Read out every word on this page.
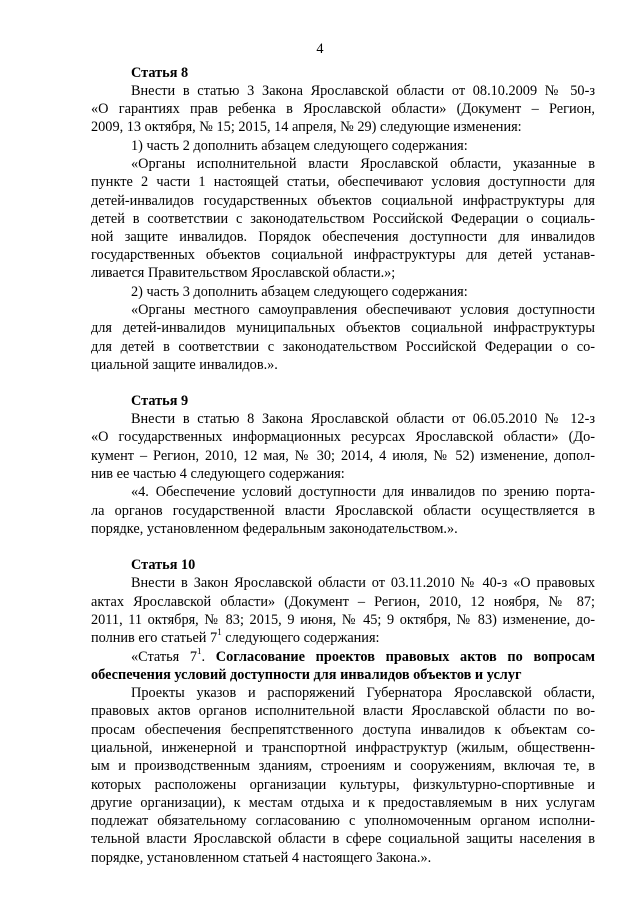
4
Статья 8
Внести в статью 3 Закона Ярославской области от 08.10.2009 № 50-з
«О гарантиях прав ребенка в Ярославской области» (Документ – Регион,
2009, 13 октября, № 15; 2015, 14 апреля, № 29) следующие изменения:
1) часть 2 дополнить абзацем следующего содержания:
«Органы исполнительной власти Ярославской области, указанные в
пункте 2 части 1 настоящей статьи, обеспечивают условия доступности для
детей-инвалидов государственных объектов социальной инфраструктуры для
детей в соответствии с законодательством Российской Федерации о социаль-
ной защите инвалидов. Порядок обеспечения доступности для инвалидов
государственных объектов социальной инфраструктуры для детей устанав-
ливается Правительством Ярославской области.»;
2) часть 3 дополнить абзацем следующего содержания:
«Органы местного самоуправления обеспечивают условия доступности
для детей-инвалидов муниципальных объектов социальной инфраструктуры
для детей в соответствии с законодательством Российской Федерации о со-
циальной защите инвалидов.».
Статья 9
Внести в статью 8 Закона Ярославской области от 06.05.2010 № 12-з
«О государственных информационных ресурсах Ярославской области» (До-
кумент – Регион, 2010, 12 мая, № 30; 2014, 4 июля, № 52) изменение, допол-
нив ее частью 4 следующего содержания:
«4. Обеспечение условий доступности для инвалидов по зрению порта-
ла органов государственной власти Ярославской области осуществляется в
порядке, установленном федеральным законодательством.».
Статья 10
Внести в Закон Ярославской области от 03.11.2010 № 40-з «О правовых
актах Ярославской области» (Документ – Регион, 2010, 12 ноября, № 87;
2011, 11 октября, № 83; 2015, 9 июня, № 45; 9 октября, № 83) изменение, до-
полнив его статьей $7^1$ следующего содержания:
«Статья $7^1$. Согласование проектов правовых актов по вопросам
обеспечения условий доступности для инвалидов объектов и услуг
Проекты указов и распоряжений Губернатора Ярославской области,
правовых актов органов исполнительной власти Ярославской области по во-
просам обеспечения беспрепятственного доступа инвалидов к объектам со-
циальной, инженерной и транспортной инфраструктур (жилым, общественн-
ым и производственным зданиям, строениям и сооружениям, включая те, в
которых расположены организации культуры, физкультурно-спортивные и
другие организации), к местам отдыха и к предоставляемым в них услугам
подлежат обязательному согласованию с уполномоченным органом исполни-
тельной власти Ярославской области в сфере социальной защиты населения в
порядке, установленном статьей 4 настоящего Закона.».
